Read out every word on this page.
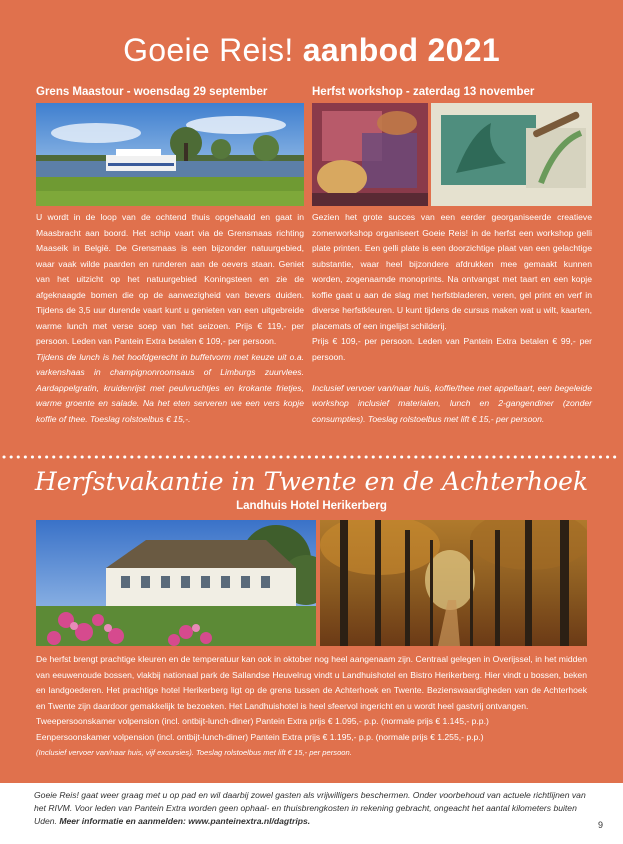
Goeie Reis! aanbod 2021
Grens Maastour - woensdag 29 september

U wordt in de loop van de ochtend thuis opgehaald en gaat in Maasbracht aan boord. Het schip vaart via de Grensmaas richting Maaseik in België. De Grensmaas is een bijzonder natuurgebied, waar vaak wilde paarden en runderen aan de oevers staan. Geniet van het uitzicht op het natuurgebied Koningsteen en zie de afgeknaagde bomen die op de aanwezigheid van bevers duiden. Tijdens de 3,5 uur durende vaart kunt u genieten van een uitgebreide warme lunch met verse soep van het seizoen. Prijs € 119,- per persoon. Leden van Pantein Extra betalen € 109,- per persoon.

Tijdens de lunch is het hoofdgerecht in buffetvorm met keuze uit o.a. varkenshaas in champignonroomsaus of Limburgs zuurvlees. Aardappelgratin, kruidenrijst met peulvruchtjes en krokante frietjes, warme groente en salade. Na het eten serveren we een vers kopje koffie of thee. Toeslag rolstoelbus € 15,-.

Herfst workshop - zaterdag 13 november

Gezien het grote succes van een eerder georganiseerde creatieve zomerworkshop organiseert Goeie Reis! in de herfst een workshop gelli plate printen. Een gelli plate is een doorzichtige plaat van een gelachtige substantie, waar heel bijzondere afdrukken mee gemaakt kunnen worden, zogenaamde monoprints. Na ontvangst met taart en een kopje koffie gaat u aan de slag met herfstbladeren, veren, gel print en verf in diverse herfstkleuren. U kunt tijdens de cursus maken wat u wilt, kaarten, placemats of een ingelijst schilderij.

Prijs € 109,- per persoon. Leden van Pantein Extra betalen € 99,- per persoon.

Inclusief vervoer van/naar huis, koffie/thee met appeltaart, een begeleide workshop inclusief materialen, lunch en 2-gangendiner (zonder consumpties). Toeslag rolstoelbus met lift € 15,- per persoon.

Herfstvakantie in Twente en de Achterhoek
Landhuis Hotel Herikerberg

De herfst brengt prachtige kleuren en de temperatuur kan ook in oktober nog heel aangenaam zijn. Centraal gelegen in Overijssel, in het midden van eeuwenoude bossen, vlakbij nationaal park de Sallandse Heuvelrug vindt u Landhuishotel en Bistro Herikerberg. Hier vindt u bossen, beken en landgoederen. Het prachtige hotel Herikerberg ligt op de grens tussen de Achterhoek en Twente. Bezienswaardigheden van de Achterhoek en Twente zijn daardoor gemakkelijk te bezoeken. Het Landhuishotel is heel sfeervol ingericht en u wordt heel gastvrij ontvangen.

Tweepersoonskamer volpension (incl. ontbijt-lunch-diner) Pantein Extra prijs € 1.095,- p.p. (normale prijs € 1.145,- p.p.)

Eenpersoonskamer volpension (incl. ontbijt-lunch-diner) Pantein Extra prijs € 1.195,- p.p. (normale prijs € 1.255,- p.p.)

(Inclusief vervoer van/naar huis, vijf excursies). Toeslag rolstoelbus met lift € 15,- per persoon.

Goeie Reis! gaat weer graag met u op pad en wil daarbij zowel gasten als vrijwilligers beschermen. Onder voorbehoud van actuele richtlijnen van het RIVM. Voor leden van Pantein Extra worden geen ophaal- en thuisbrengkosten in rekening gebracht, ongeacht het aantal kilometers buiten Uden. Meer informatie en aanmelden: www.panteinextra.nl/dagtrips.	9
